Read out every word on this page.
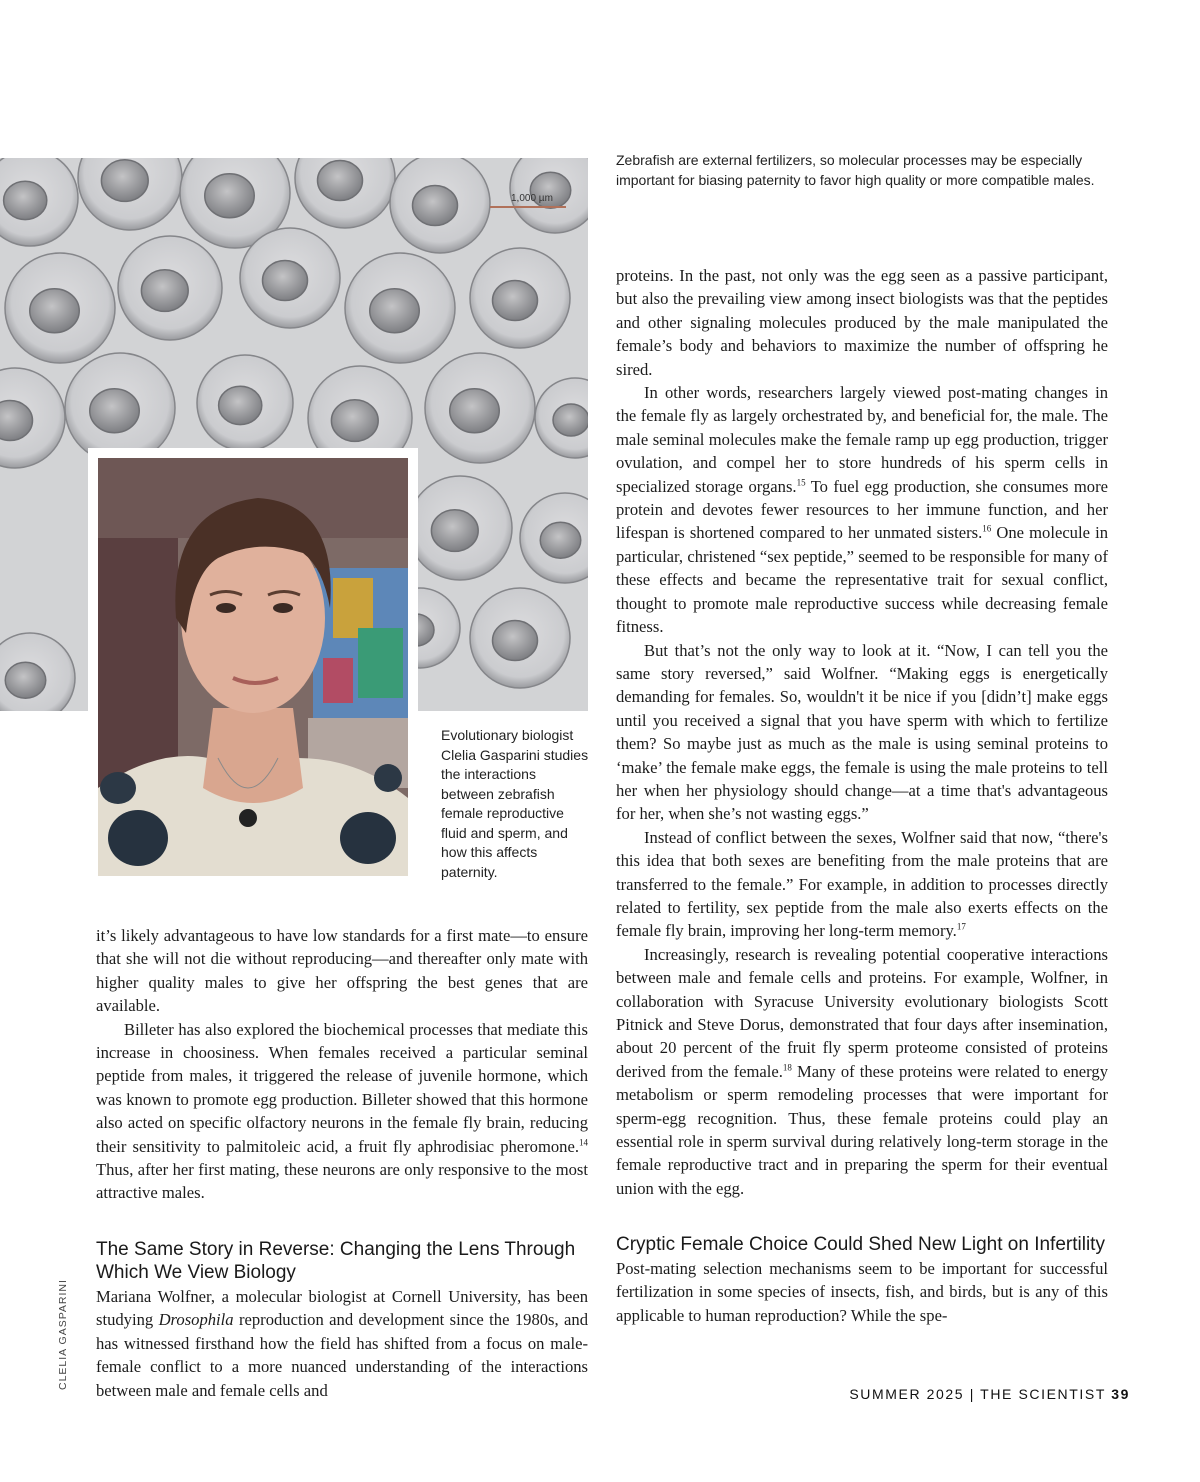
1,000 µm

Zebrafish are external fertilizers, so molecular processes may be especially important for biasing paternity to favor high quality or more compatible males.

Evolutionary biologist Clelia Gasparini studies the interactions between zebrafish female reproductive fluid and sperm, and how this affects paternity.

it’s likely advantageous to have low standards for a first mate—to ensure that she will not die without reproducing—and thereafter only mate with higher quality males to give her offspring the best genes that are available.

Billeter has also explored the biochemical processes that mediate this increase in choosiness. When females received a particular seminal peptide from males, it triggered the release of juvenile hormone, which was known to promote egg production. Billeter showed that this hormone also acted on specific olfactory neurons in the female fly brain, reducing their sensitivity to palmitoleic acid, a fruit fly aphrodisiac pheromone.$^{14}$ Thus, after her first mating, these neurons are only responsive to the most attractive males.

The Same Story in Reverse: Changing the Lens Through Which We View Biology

Mariana Wolfner, a molecular biologist at Cornell University, has been studying Drosophila reproduction and development since the 1980s, and has witnessed firsthand how the field has shifted from a focus on male-female conflict to a more nuanced understanding of the interactions between male and female cells and

proteins. In the past, not only was the egg seen as a passive participant, but also the prevailing view among insect biologists was that the peptides and other signaling molecules produced by the male manipulated the female’s body and behaviors to maximize the number of offspring he sired.

In other words, researchers largely viewed post-mating changes in the female fly as largely orchestrated by, and beneficial for, the male. The male seminal molecules make the female ramp up egg production, trigger ovulation, and compel her to store hundreds of his sperm cells in specialized storage organs.$^{15}$ To fuel egg production, she consumes more protein and devotes fewer resources to her immune function, and her lifespan is shortened compared to her unmated sisters.$^{16}$ One molecule in particular, christened “sex peptide,” seemed to be responsible for many of these effects and became the representative trait for sexual conflict, thought to promote male reproductive success while decreasing female fitness.

But that’s not the only way to look at it. “Now, I can tell you the same story reversed,” said Wolfner. “Making eggs is energetically demanding for females. So, wouldn't it be nice if you [didn’t] make eggs until you received a signal that you have sperm with which to fertilize them? So maybe just as much as the male is using seminal proteins to ‘make’ the female make eggs, the female is using the male proteins to tell her when her physiology should change—at a time that's advantageous for her, when she’s not wasting eggs.”

Instead of conflict between the sexes, Wolfner said that now, “there's this idea that both sexes are benefiting from the male proteins that are transferred to the female.” For example, in addition to processes directly related to fertility, sex peptide from the male also exerts effects on the female fly brain, improving her long-term memory.$^{17}$

Increasingly, research is revealing potential cooperative interactions between male and female cells and proteins. For example, Wolfner, in collaboration with Syracuse University evolutionary biologists Scott Pitnick and Steve Dorus, demonstrated that four days after insemination, about 20 percent of the fruit fly sperm proteome consisted of proteins derived from the female.$^{18}$ Many of these proteins were related to energy metabolism or sperm remodeling processes that were important for sperm-egg recognition. Thus, these female proteins could play an essential role in sperm survival during relatively long-term storage in the female reproductive tract and in preparing the sperm for their eventual union with the egg.

Cryptic Female Choice Could Shed New Light on Infertility

Post-mating selection mechanisms seem to be important for successful fertilization in some species of insects, fish, and birds, but is any of this applicable to human reproduction? While the spe-

CLELIA GASPARINI
SUMMER 2025 | THE SCIENTIST 39
